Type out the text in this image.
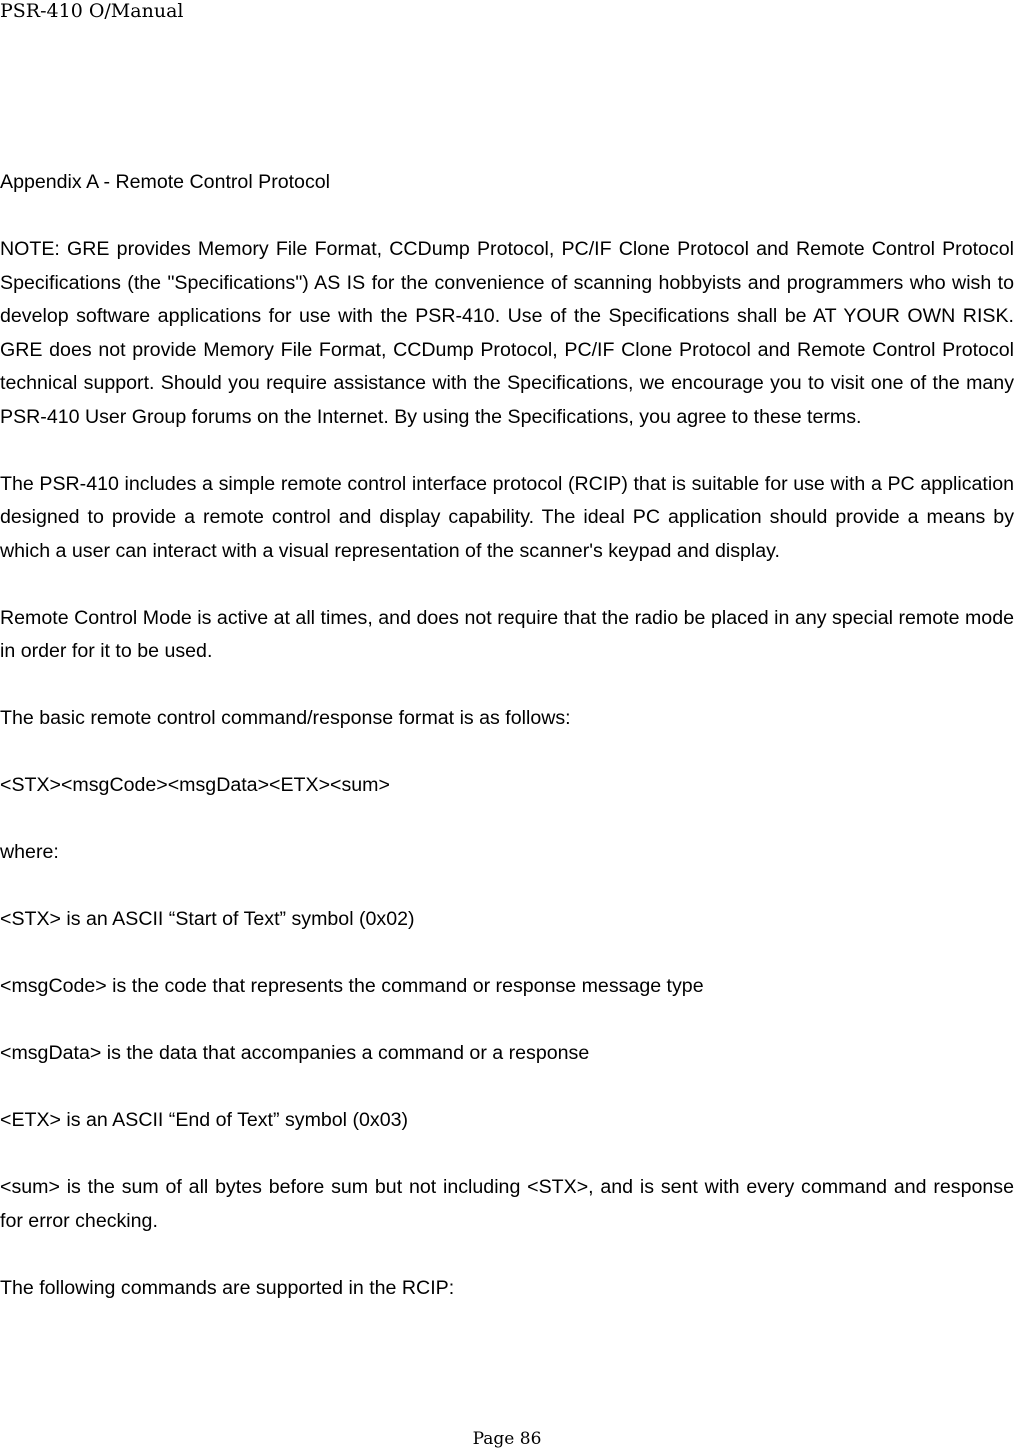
PSR-410 O/Manual

Appendix A - Remote Control Protocol

NOTE: GRE provides Memory File Format, CCDump Protocol, PC/IF Clone Protocol and Remote Control Protocol Specifications (the "Specifications") AS IS for the convenience of scanning hobbyists and programmers who wish to develop software applications for use with the PSR-410. Use of the Specifications shall be AT YOUR OWN RISK. GRE does not provide Memory File Format, CCDump Protocol, PC/IF Clone Protocol and Remote Control Protocol technical support. Should you require assistance with the Specifications, we encourage you to visit one of the many PSR-410 User Group forums on the Internet. By using the Specifications, you agree to these terms.

The PSR-410 includes a simple remote control interface protocol (RCIP) that is suitable for use with a PC application designed to provide a remote control and display capability. The ideal PC application should provide a means by which a user can interact with a visual representation of the scanner's keypad and display.

Remote Control Mode is active at all times, and does not require that the radio be placed in any special remote mode in order for it to be used.

The basic remote control command/response format is as follows:

<STX><msgCode><msgData><ETX><sum>

where:

<STX> is an ASCII “Start of Text” symbol (0x02)

<msgCode> is the code that represents the command or response message type

<msgData> is the data that accompanies a command or a response

<ETX> is an ASCII “End of Text” symbol (0x03)

<sum> is the sum of all bytes before sum but not including <STX>, and is sent with every command and response for error checking.

The following commands are supported in the RCIP:

Page 86
